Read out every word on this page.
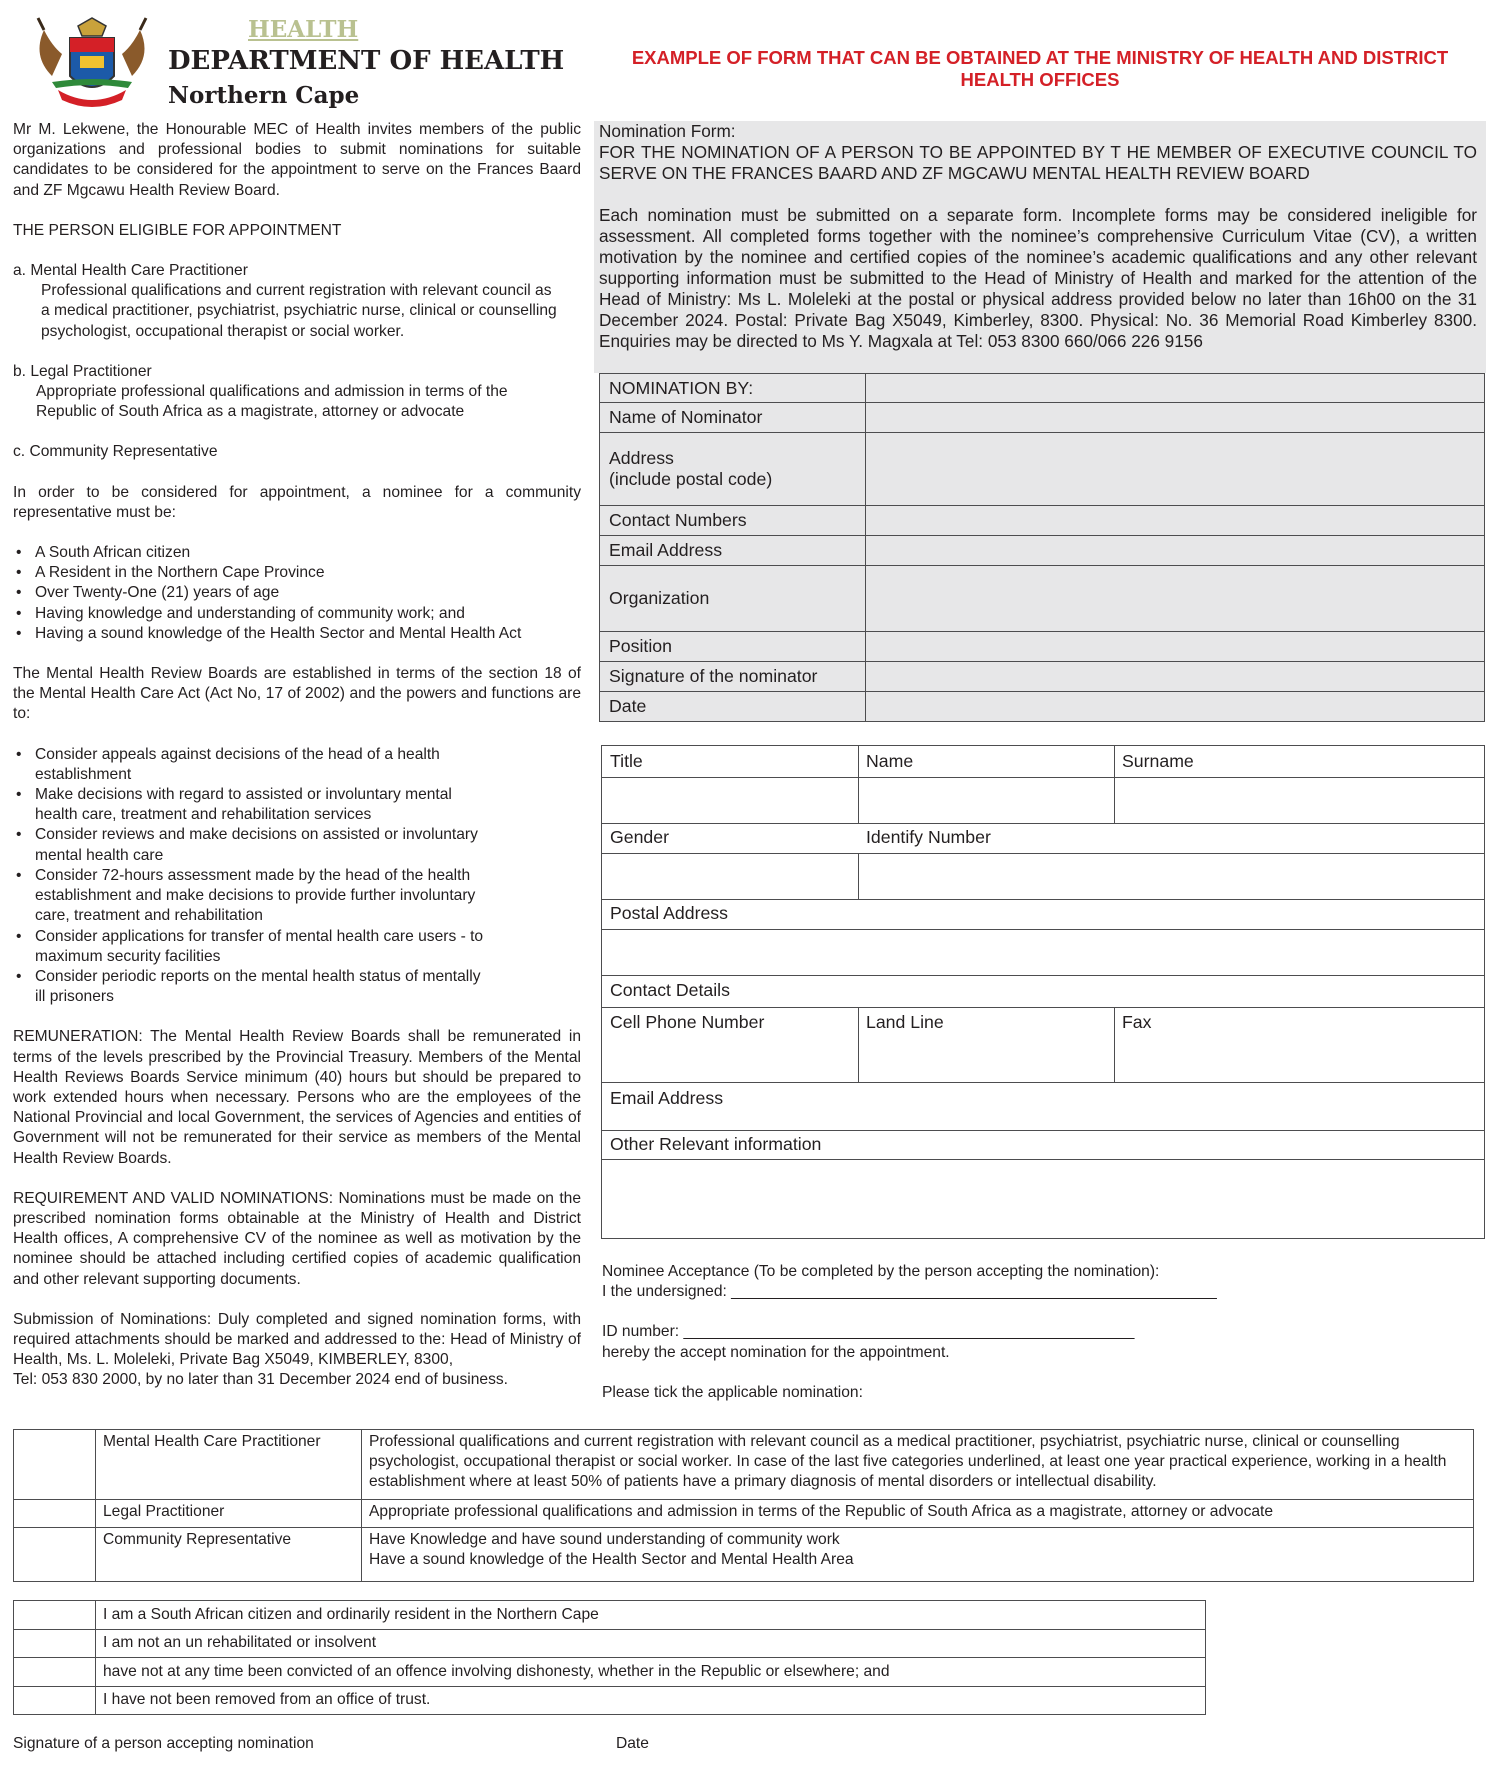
HEALTH
DEPARTMENT OF HEALTH
Northern Cape
EXAMPLE OF FORM THAT CAN BE OBTAINED AT THE MINISTRY OF HEALTH AND DISTRICT HEALTH OFFICES

Mr M. Lekwene, the Honourable MEC of Health invites members of the public organizations and professional bodies to submit nominations for suitable candidates to be considered for the appointment to serve on the Frances Baard and ZF Mgcawu Health Review Board.

THE PERSON ELIGIBLE FOR APPOINTMENT

a. Mental Health Care Practitioner

Professional qualifications and current registration with relevant council as a medical practitioner, psychiatrist, psychiatric nurse, clinical or counselling psychologist, occupational therapist or social worker.

b. Legal Practitioner

Appropriate professional qualifications and admission in terms of the Republic of South Africa as a magistrate, attorney or advocate

c. Community Representative

In order to be considered for appointment, a nominee for a community representative must be:

• A South African citizen

• A Resident in the Northern Cape Province

• Over Twenty-One (21) years of age

• Having knowledge and understanding of community work; and

• Having a sound knowledge of the Health Sector and Mental Health Act

The Mental Health Review Boards are established in terms of the section 18 of the Mental Health Care Act (Act No, 17 of 2002) and the powers and functions are to:

• Consider appeals against decisions of the head of a health

establishment

• Make decisions with regard to assisted or involuntary mental

health care, treatment and rehabilitation services

• Consider reviews and make decisions on assisted or involuntary

mental health care

• Consider 72-hours assessment made by the head of the health

establishment and make decisions to provide further involuntary care, treatment and rehabilitation

• Consider applications for transfer of mental health care users - to

maximum security facilities

• Consider periodic reports on the mental health status of mentally

ill prisoners

REMUNERATION: The Mental Health Review Boards shall be remunerated in terms of the levels prescribed by the Provincial Treasury. Members of the Mental Health Reviews Boards Service minimum (40) hours but should be prepared to work extended hours when necessary. Persons who are the employees of the National Provincial and local Government, the services of Agencies and entities of Government will not be remunerated for their service as members of the Mental Health Review Boards.

REQUIREMENT AND VALID NOMINATIONS: Nominations must be made on the prescribed nomination forms obtainable at the Ministry of Health and District Health offices, A comprehensive CV of the nominee as well as motivation by the nominee should be attached including certified copies of academic qualification and other relevant supporting documents.

Submission of Nominations: Duly completed and signed nomination forms, with required attachments should be marked and addressed to the: Head of Ministry of Health, Ms. L. Moleleki, Private Bag X5049, KIMBERLEY, 8300,

Tel: 053 830 2000, by no later than 31 December 2024 end of business.

Nomination Form:

FOR THE NOMINATION OF A PERSON TO BE APPOINTED BY T HE MEMBER OF EXECUTIVE COUNCIL TO SERVE ON THE FRANCES BAARD AND ZF MGCAWU MENTAL HEALTH REVIEW BOARD

Each nomination must be submitted on a separate form. Incomplete forms may be considered ineligible for assessment. All completed forms together with the nominee’s comprehensive Curriculum Vitae (CV), a written motivation by the nominee and certified copies of the nominee’s academic qualifications and any other relevant supporting information must be submitted to the Head of Ministry of Health and marked for the attention of the Head of Ministry: Ms L. Moleleki at the postal or physical address provided below no later than 16h00 on the 31 December 2024. Postal: Private Bag X5049, Kimberley, 8300. Physical: No. 36 Memorial Road Kimberley 8300. Enquiries may be directed to Ms Y. Magxala at Tel: 053 8300 660/066 226 9156

NOMINATION BY:	
Name of Nominator	
Address
(include postal code)	
Contact Numbers	
Email Address	
Organization	
Position	
Signature of the nominator	
Date	
Title	Name	Surname
Gender	Identify Number
Postal Address
Contact Details
Cell Phone Number	Land Line	Fax
Email Address
Other Relevant information

Nominee Acceptance (To be completed by the person accepting the nomination):

I the undersigned: ________________________________________________________

ID number: ____________________________________________________

hereby the accept nomination for the appointment.

Please tick the applicable nomination:

	Mental Health Care Practitioner	Professional qualifications and current registration with relevant council as a medical practitioner, psychiatrist, psychiatric nurse, clinical or counselling psychologist, occupational therapist or social worker. In case of the last five categories underlined, at least one year practical experience, working in a health establishment where at least 50% of patients have a primary diagnosis of mental disorders or intellectual disability.
	Legal Practitioner	Appropriate professional qualifications and admission in terms of the Republic of South Africa as a magistrate, attorney or advocate
	Community Representative	Have Knowledge and have sound understanding of community work
Have a sound knowledge of the Health Sector and Mental Health Area
	I am a South African citizen and ordinarily resident in the Northern Cape
	I am not an un rehabilitated or insolvent
	have not at any time been convicted of an offence involving dishonesty, whether in the Republic or elsewhere; and
	I have not been removed from an office of trust.
Signature of a person accepting nomination	Date
